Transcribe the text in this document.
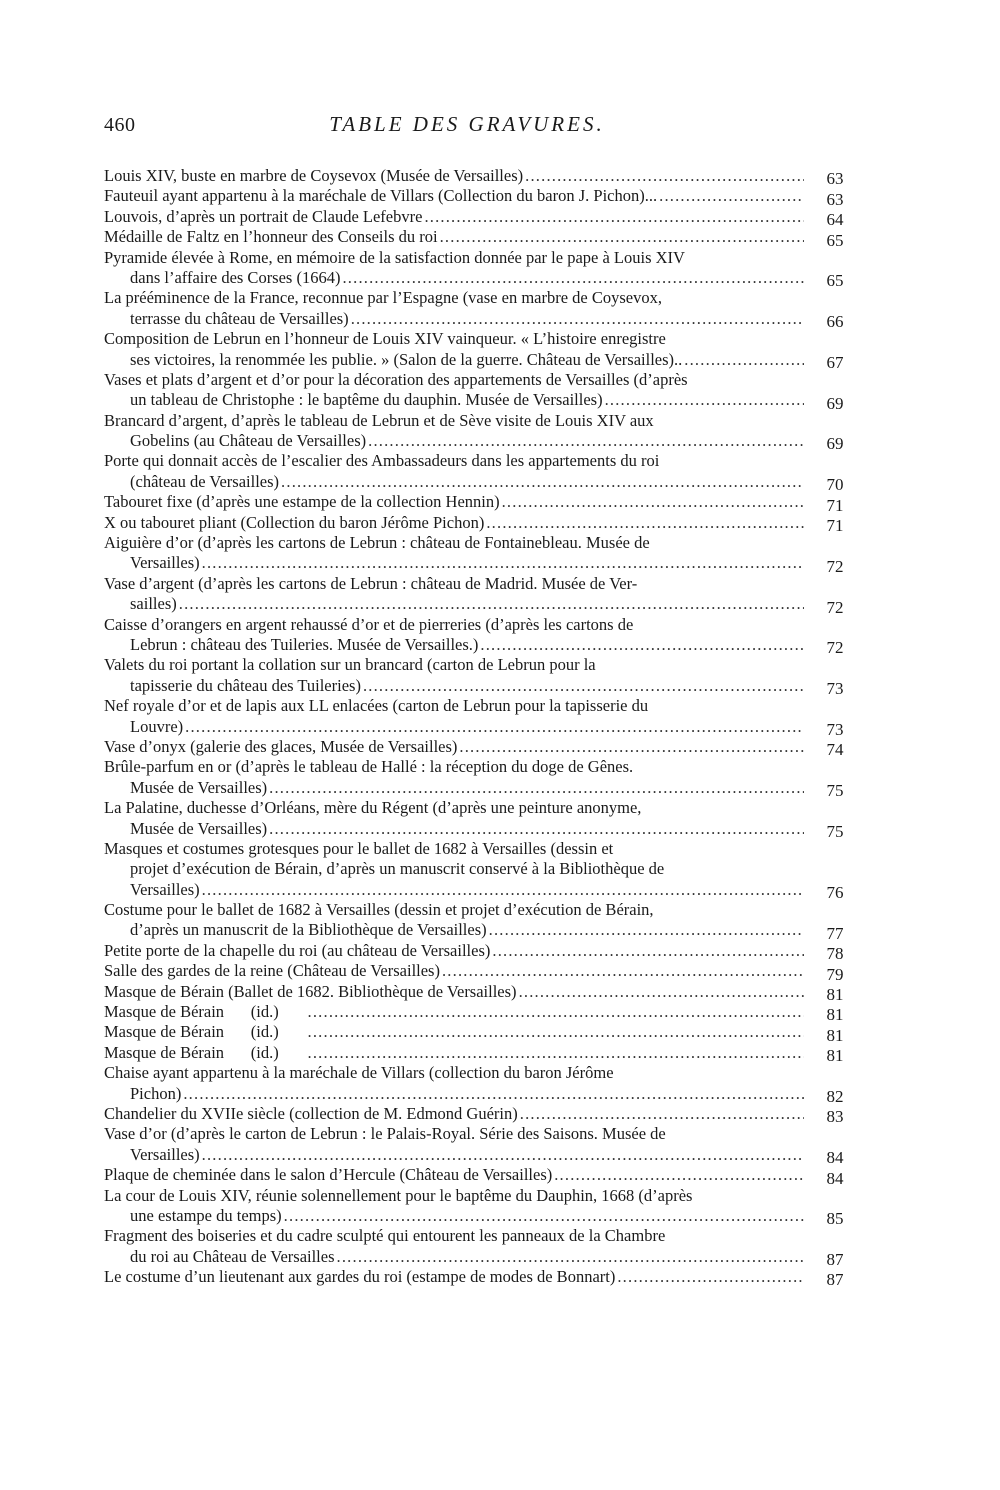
460	TABLE DES GRAVURES.
Louis XIV, buste en marbre de Coysevox (Musée de Versailles) .....	63
Fauteuil ayant appartenu à la maréchale de Villars (Collection du baron J. Pichon)... .....	63
Louvois, d’après un portrait de Claude Lefebvre .....	64
Médaille de Faltz en l’honneur des Conseils du roi .....	65
Pyramide élevée à Rome, en mémoire de la satisfaction donnée par le pape à Louis XIV
dans l’affaire des Corses (1664) .....	65
La prééminence de la France, reconnue par l’Espagne (vase en marbre de Coysevox,
terrasse du château de Versailles) .....	66
Composition de Lebrun en l’honneur de Louis XIV vainqueur. « L’histoire enregistre
ses victoires, la renommée les publie. » (Salon de la guerre. Château de Versailles).. .....	67
Vases et plats d’argent et d’or pour la décoration des appartements de Versailles (d’après
un tableau de Christophe : le baptême du dauphin. Musée de Versailles) .....	69
Brancard d’argent, d’après le tableau de Lebrun et de Sève visite de Louis XIV aux
Gobelins (au Château de Versailles) .....	69
Porte qui donnait accès de l’escalier des Ambassadeurs dans les appartements du roi
(château de Versailles) .....	70
Tabouret fixe (d’après une estampe de la collection Hennin) .....	71
X ou tabouret pliant (Collection du baron Jérôme Pichon) .....	71
Aiguière d’or (d’après les cartons de Lebrun : château de Fontainebleau. Musée de
Versailles) .....	72
Vase d’argent (d’après les cartons de Lebrun : château de Madrid. Musée de Ver-
sailles) .....	72
Caisse d’orangers en argent rehaussé d’or et de pierreries (d’après les cartons de
Lebrun : château des Tuileries. Musée de Versailles.) .....	72
Valets du roi portant la collation sur un brancard (carton de Lebrun pour la
tapisserie du château des Tuileries) .....	73
Nef royale d’or et de lapis aux LL enlacées (carton de Lebrun pour la tapisserie du
Louvre) .....	73
Vase d’onyx (galerie des glaces, Musée de Versailles) .....	74
Brûle-parfum en or (d’après le tableau de Hallé : la réception du doge de Gênes.
Musée de Versailles) .....	75
La Palatine, duchesse d’Orléans, mère du Régent (d’après une peinture anonyme,
Musée de Versailles) .....	75
Masques et costumes grotesques pour le ballet de 1682 à Versailles (dessin et
projet d’exécution de Bérain, d’après un manuscrit conservé à la Bibliothèque de
Versailles) .....	76
Costume pour le ballet de 1682 à Versailles (dessin et projet d’exécution de Bérain,
d’après un manuscrit de la Bibliothèque de Versailles) .....	77
Petite porte de la chapelle du roi (au château de Versailles) .....	78
Salle des gardes de la reine (Château de Versailles) .....	79
Masque de Bérain (Ballet de 1682. Bibliothèque de Versailles) .....	81
Masque de Bérain	(id.) .....	81
Masque de Bérain	(id.) .....	81
Masque de Bérain	(id.) .....	81
Chaise ayant appartenu à la maréchale de Villars (collection du baron Jérôme
Pichon) .....	82
Chandelier du XVIIe siècle (collection de M. Edmond Guérin) .....	83
Vase d’or (d’après le carton de Lebrun : le Palais-Royal. Série des Saisons. Musée de
Versailles) .....	84
Plaque de cheminée dans le salon d’Hercule (Château de Versailles) .....	84
La cour de Louis XIV, réunie solennellement pour le baptême du Dauphin, 1668 (d’après
une estampe du temps) .....	85
Fragment des boiseries et du cadre sculpté qui entourent les panneaux de la Chambre
du roi au Château de Versailles .....	87
Le costume d’un lieutenant aux gardes du roi (estampe de modes de Bonnart) .....	87
